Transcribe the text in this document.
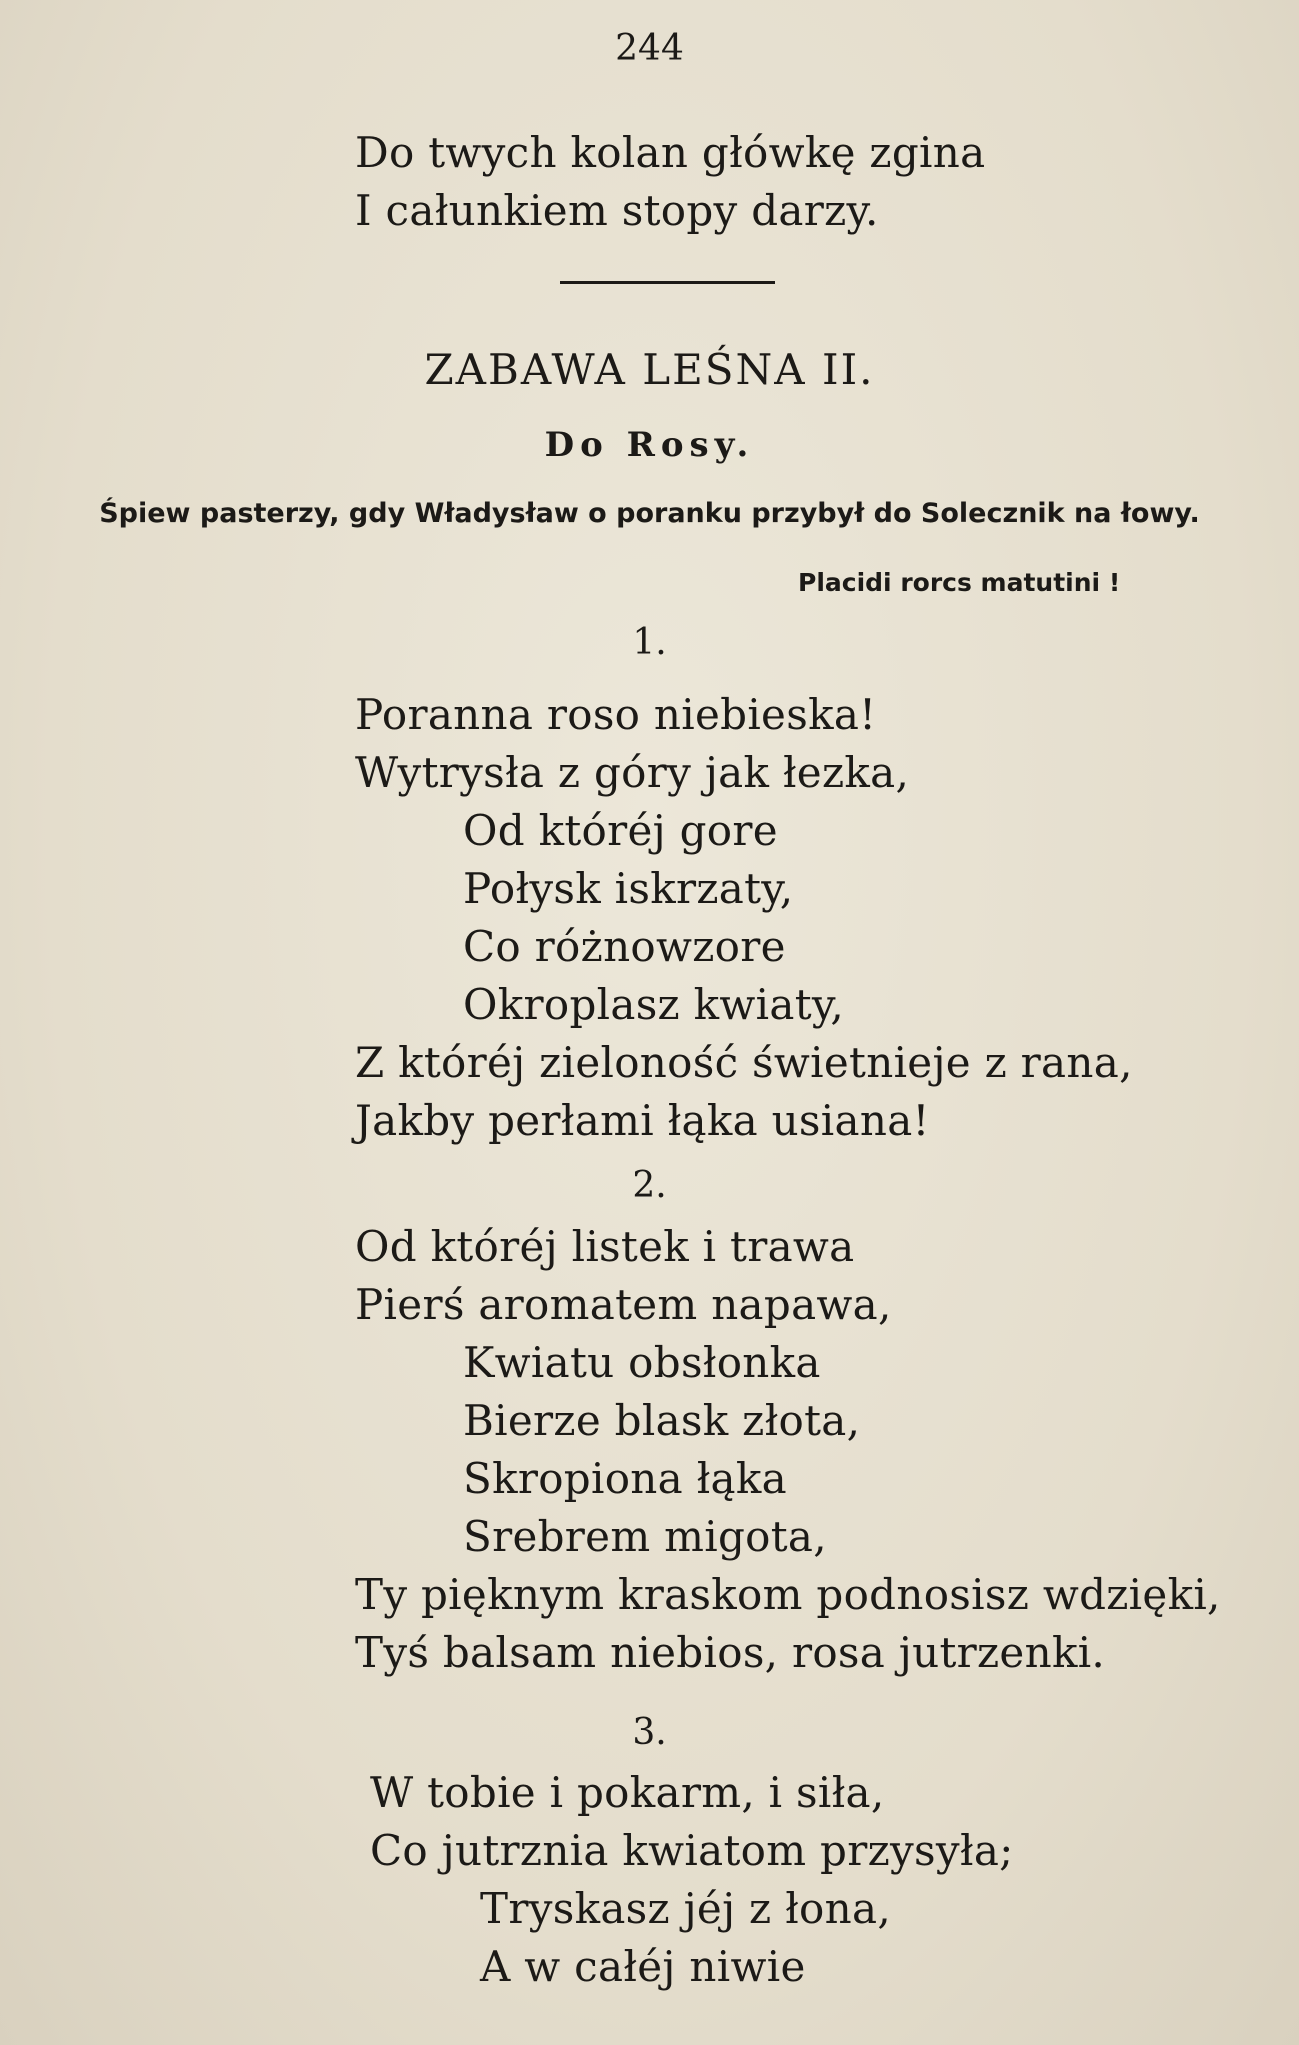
244
Do twych kolan główkę zgina
I całunkiem stopy darzy.
ZABAWA LEŚNA II.
Do Rosy.
Śpiew pasterzy, gdy Władysław o poranku przybył do Solecznik na łowy.
Placidi rorcs matutini !
1.
Poranna roso niebieska!
Wytrysła z góry jak łezka,
Od któréj gore
Połysk iskrzaty,
Co różnowzore
Okroplasz kwiaty,
Z któréj zieloność świetnieje z rana,
Jakby perłami łąka usiana!
2.
Od któréj listek i trawa
Pierś aromatem napawa,
Kwiatu obsłonka
Bierze blask złota,
Skropiona łąka
Srebrem migota,
Ty pięknym kraskom podnosisz wdzięki,
Tyś balsam niebios, rosa jutrzenki.
3.
W tobie i pokarm, i siła,
Co jutrznia kwiatom przysyła;
Tryskasz jéj z łona,
A w całéj niwie
